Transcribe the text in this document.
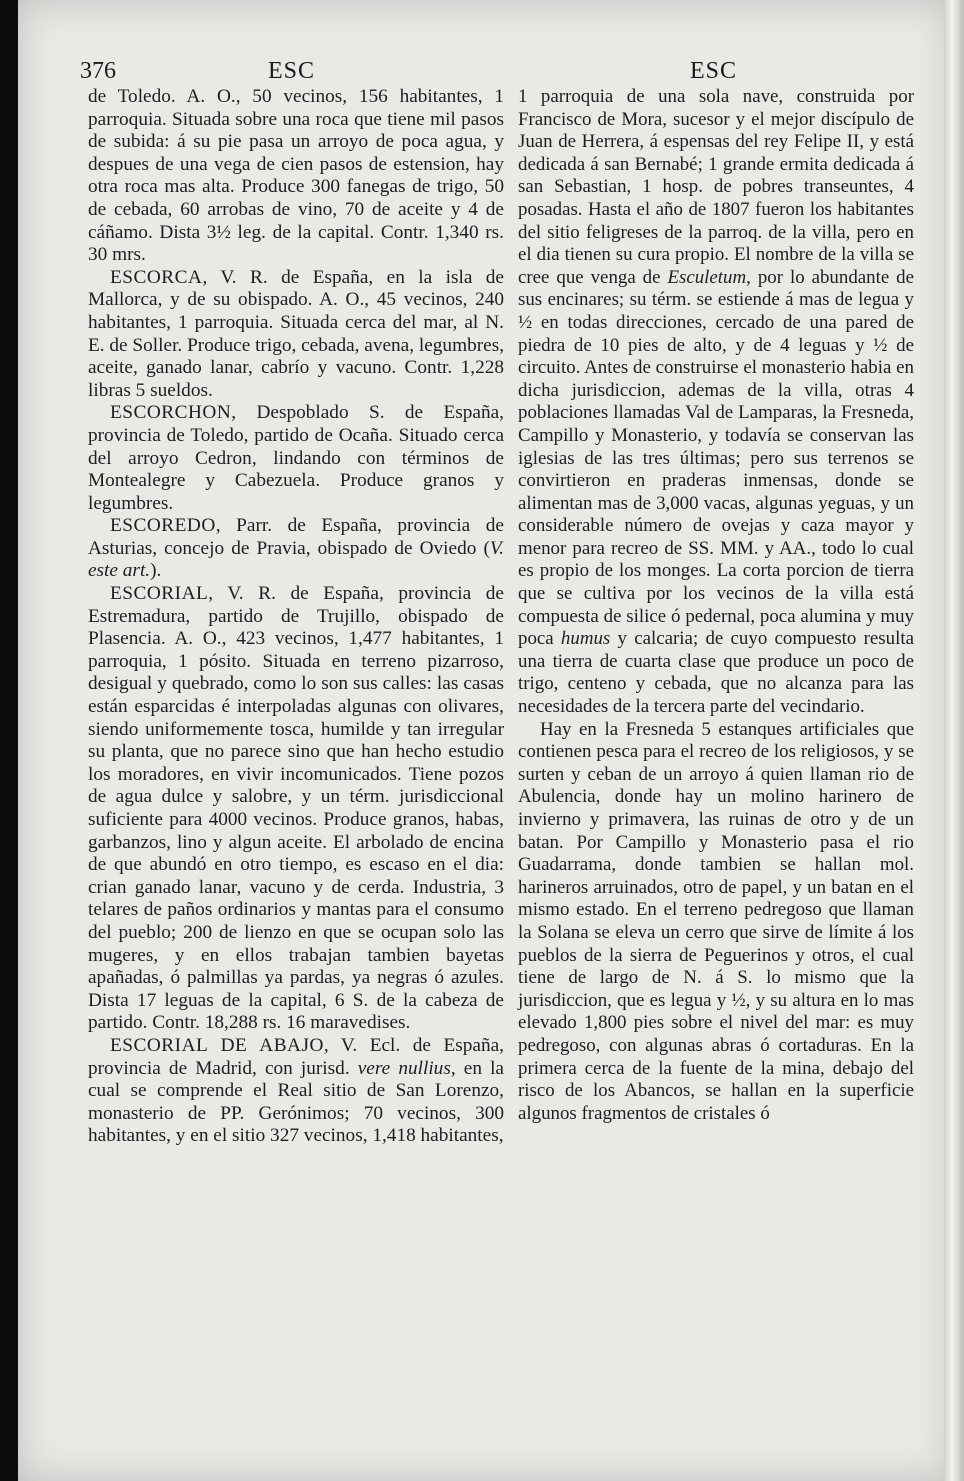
376	ESC	ESC

de Toledo. A. O., 50 vecinos, 156 habitantes, 1 parroquia. Situada sobre una roca que tiene mil pasos de subida: á su pie pasa un arroyo de poca agua, y despues de una vega de cien pasos de estension, hay otra roca mas alta. Produce 300 fanegas de trigo, 50 de cebada, 60 arrobas de vino, 70 de aceite y 4 de cáñamo. Dista 3½ leg. de la capital. Contr. 1,340 rs. 30 mrs.

ESCORCA, V. R. de España, en la isla de Mallorca, y de su obispado. A. O., 45 vecinos, 240 habitantes, 1 parroquia. Situada cerca del mar, al N. E. de Soller. Produce trigo, cebada, avena, legumbres, aceite, ganado lanar, cabrío y vacuno. Contr. 1,228 libras 5 sueldos.

ESCORCHON, Despoblado S. de España, provincia de Toledo, partido de Ocaña. Situado cerca del arroyo Cedron, lindando con términos de Montealegre y Cabezuela. Produce granos y legumbres.

ESCOREDO, Parr. de España, provincia de Asturias, concejo de Pravia, obispado de Oviedo (V. este art.).

ESCORIAL, V. R. de España, provincia de Estremadura, partido de Trujillo, obispado de Plasencia. A. O., 423 vecinos, 1,477 habitantes, 1 parroquia, 1 pósito. Situada en terreno pizarroso, desigual y quebrado, como lo son sus calles: las casas están esparcidas é interpoladas algunas con olivares, siendo uniformemente tosca, humilde y tan irregular su planta, que no parece sino que han hecho estudio los moradores, en vivir incomunicados. Tiene pozos de agua dulce y salobre, y un térm. jurisdiccional suficiente para 4000 vecinos. Produce granos, habas, garbanzos, lino y algun aceite. El arbolado de encina de que abundó en otro tiempo, es escaso en el dia: crian ganado lanar, vacuno y de cerda. Industria, 3 telares de paños ordinarios y mantas para el consumo del pueblo; 200 de lienzo en que se ocupan solo las mugeres, y en ellos trabajan tambien bayetas apañadas, ó palmillas ya pardas, ya negras ó azules. Dista 17 leguas de la capital, 6 S. de la cabeza de partido. Contr. 18,288 rs. 16 maravedises.

ESCORIAL DE ABAJO, V. Ecl. de España, provincia de Madrid, con jurisd. vere nullius, en la cual se comprende el Real sitio de San Lorenzo, monasterio de PP. Gerónimos; 70 vecinos, 300 habitantes, y en el sitio 327 vecinos, 1,418 habitantes,

1 parroquia de una sola nave, construida por Francisco de Mora, sucesor y el mejor discípulo de Juan de Herrera, á espensas del rey Felipe II, y está dedicada á san Bernabé; 1 grande ermita dedicada á san Sebastian, 1 hosp. de pobres transeuntes, 4 posadas. Hasta el año de 1807 fueron los habitantes del sitio feligreses de la parroq. de la villa, pero en el dia tienen su cura propio. El nombre de la villa se cree que venga de Esculetum, por lo abundante de sus encinares; su térm. se estiende á mas de legua y ½ en todas direcciones, cercado de una pared de piedra de 10 pies de alto, y de 4 leguas y ½ de circuito. Antes de construirse el monasterio habia en dicha jurisdiccion, ademas de la villa, otras 4 poblaciones llamadas Val de Lamparas, la Fresneda, Campillo y Monasterio, y todavía se conservan las iglesias de las tres últimas; pero sus terrenos se convirtieron en praderas inmensas, donde se alimentan mas de 3,000 vacas, algunas yeguas, y un considerable número de ovejas y caza mayor y menor para recreo de SS. MM. y AA., todo lo cual es propio de los monges. La corta porcion de tierra que se cultiva por los vecinos de la villa está compuesta de silice ó pedernal, poca alumina y muy poca humus y calcaria; de cuyo compuesto resulta una tierra de cuarta clase que produce un poco de trigo, centeno y cebada, que no alcanza para las necesidades de la tercera parte del vecindario.

Hay en la Fresneda 5 estanques artificiales que contienen pesca para el recreo de los religiosos, y se surten y ceban de un arroyo á quien llaman rio de Abulencia, donde hay un molino harinero de invierno y primavera, las ruinas de otro y de un batan. Por Campillo y Monasterio pasa el rio Guadarrama, donde tambien se hallan mol. harineros arruinados, otro de papel, y un batan en el mismo estado. En el terreno pedregoso que llaman la Solana se eleva un cerro que sirve de límite á los pueblos de la sierra de Peguerinos y otros, el cual tiene de largo de N. á S. lo mismo que la jurisdiccion, que es legua y ½, y su altura en lo mas elevado 1,800 pies sobre el nivel del mar: es muy pedregoso, con algunas abras ó cortaduras. En la primera cerca de la fuente de la mina, debajo del risco de los Abancos, se hallan en la superficie algunos fragmentos de cristales ó
